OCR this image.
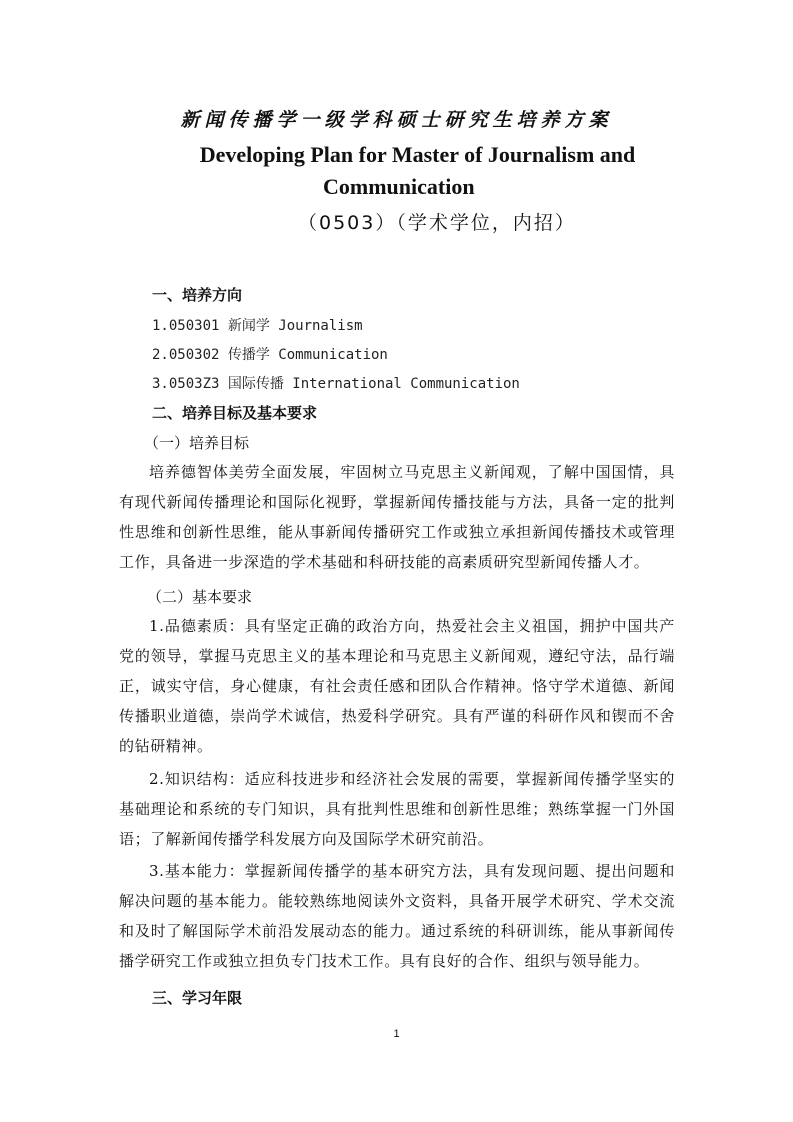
新闻传播学一级学科硕士研究生培养方案
Developing Plan for Master of Journalism and
Communication
（0503）（学术学位，内招）
一、培养方向
1.050301 新闻学 Journalism
2.050302 传播学 Communication
3.0503Z3 国际传播 International Communication
二、培养目标及基本要求
（一）培养目标
培养德智体美劳全面发展，牢固树立马克思主义新闻观，了解中国国情，具有现代新闻传播理论和国际化视野，掌握新闻传播技能与方法，具备一定的批判性思维和创新性思维，能从事新闻传播研究工作或独立承担新闻传播技术或管理工作，具备进一步深造的学术基础和科研技能的高素质研究型新闻传播人才。
（二）基本要求
1.品德素质：具有坚定正确的政治方向，热爱社会主义祖国，拥护中国共产党的领导，掌握马克思主义的基本理论和马克思主义新闻观，遵纪守法，品行端正，诚实守信，身心健康，有社会责任感和团队合作精神。恪守学术道德、新闻传播职业道德，崇尚学术诚信，热爱科学研究。具有严谨的科研作风和锲而不舍的钻研精神。
2.知识结构：适应科技进步和经济社会发展的需要，掌握新闻传播学坚实的基础理论和系统的专门知识，具有批判性思维和创新性思维；熟练掌握一门外国语；了解新闻传播学科发展方向及国际学术研究前沿。
3.基本能力：掌握新闻传播学的基本研究方法，具有发现问题、提出问题和解决问题的基本能力。能较熟练地阅读外文资料，具备开展学术研究、学术交流和及时了解国际学术前沿发展动态的能力。通过系统的科研训练，能从事新闻传播学研究工作或独立担负专门技术工作。具有良好的合作、组织与领导能力。
三、学习年限
1
